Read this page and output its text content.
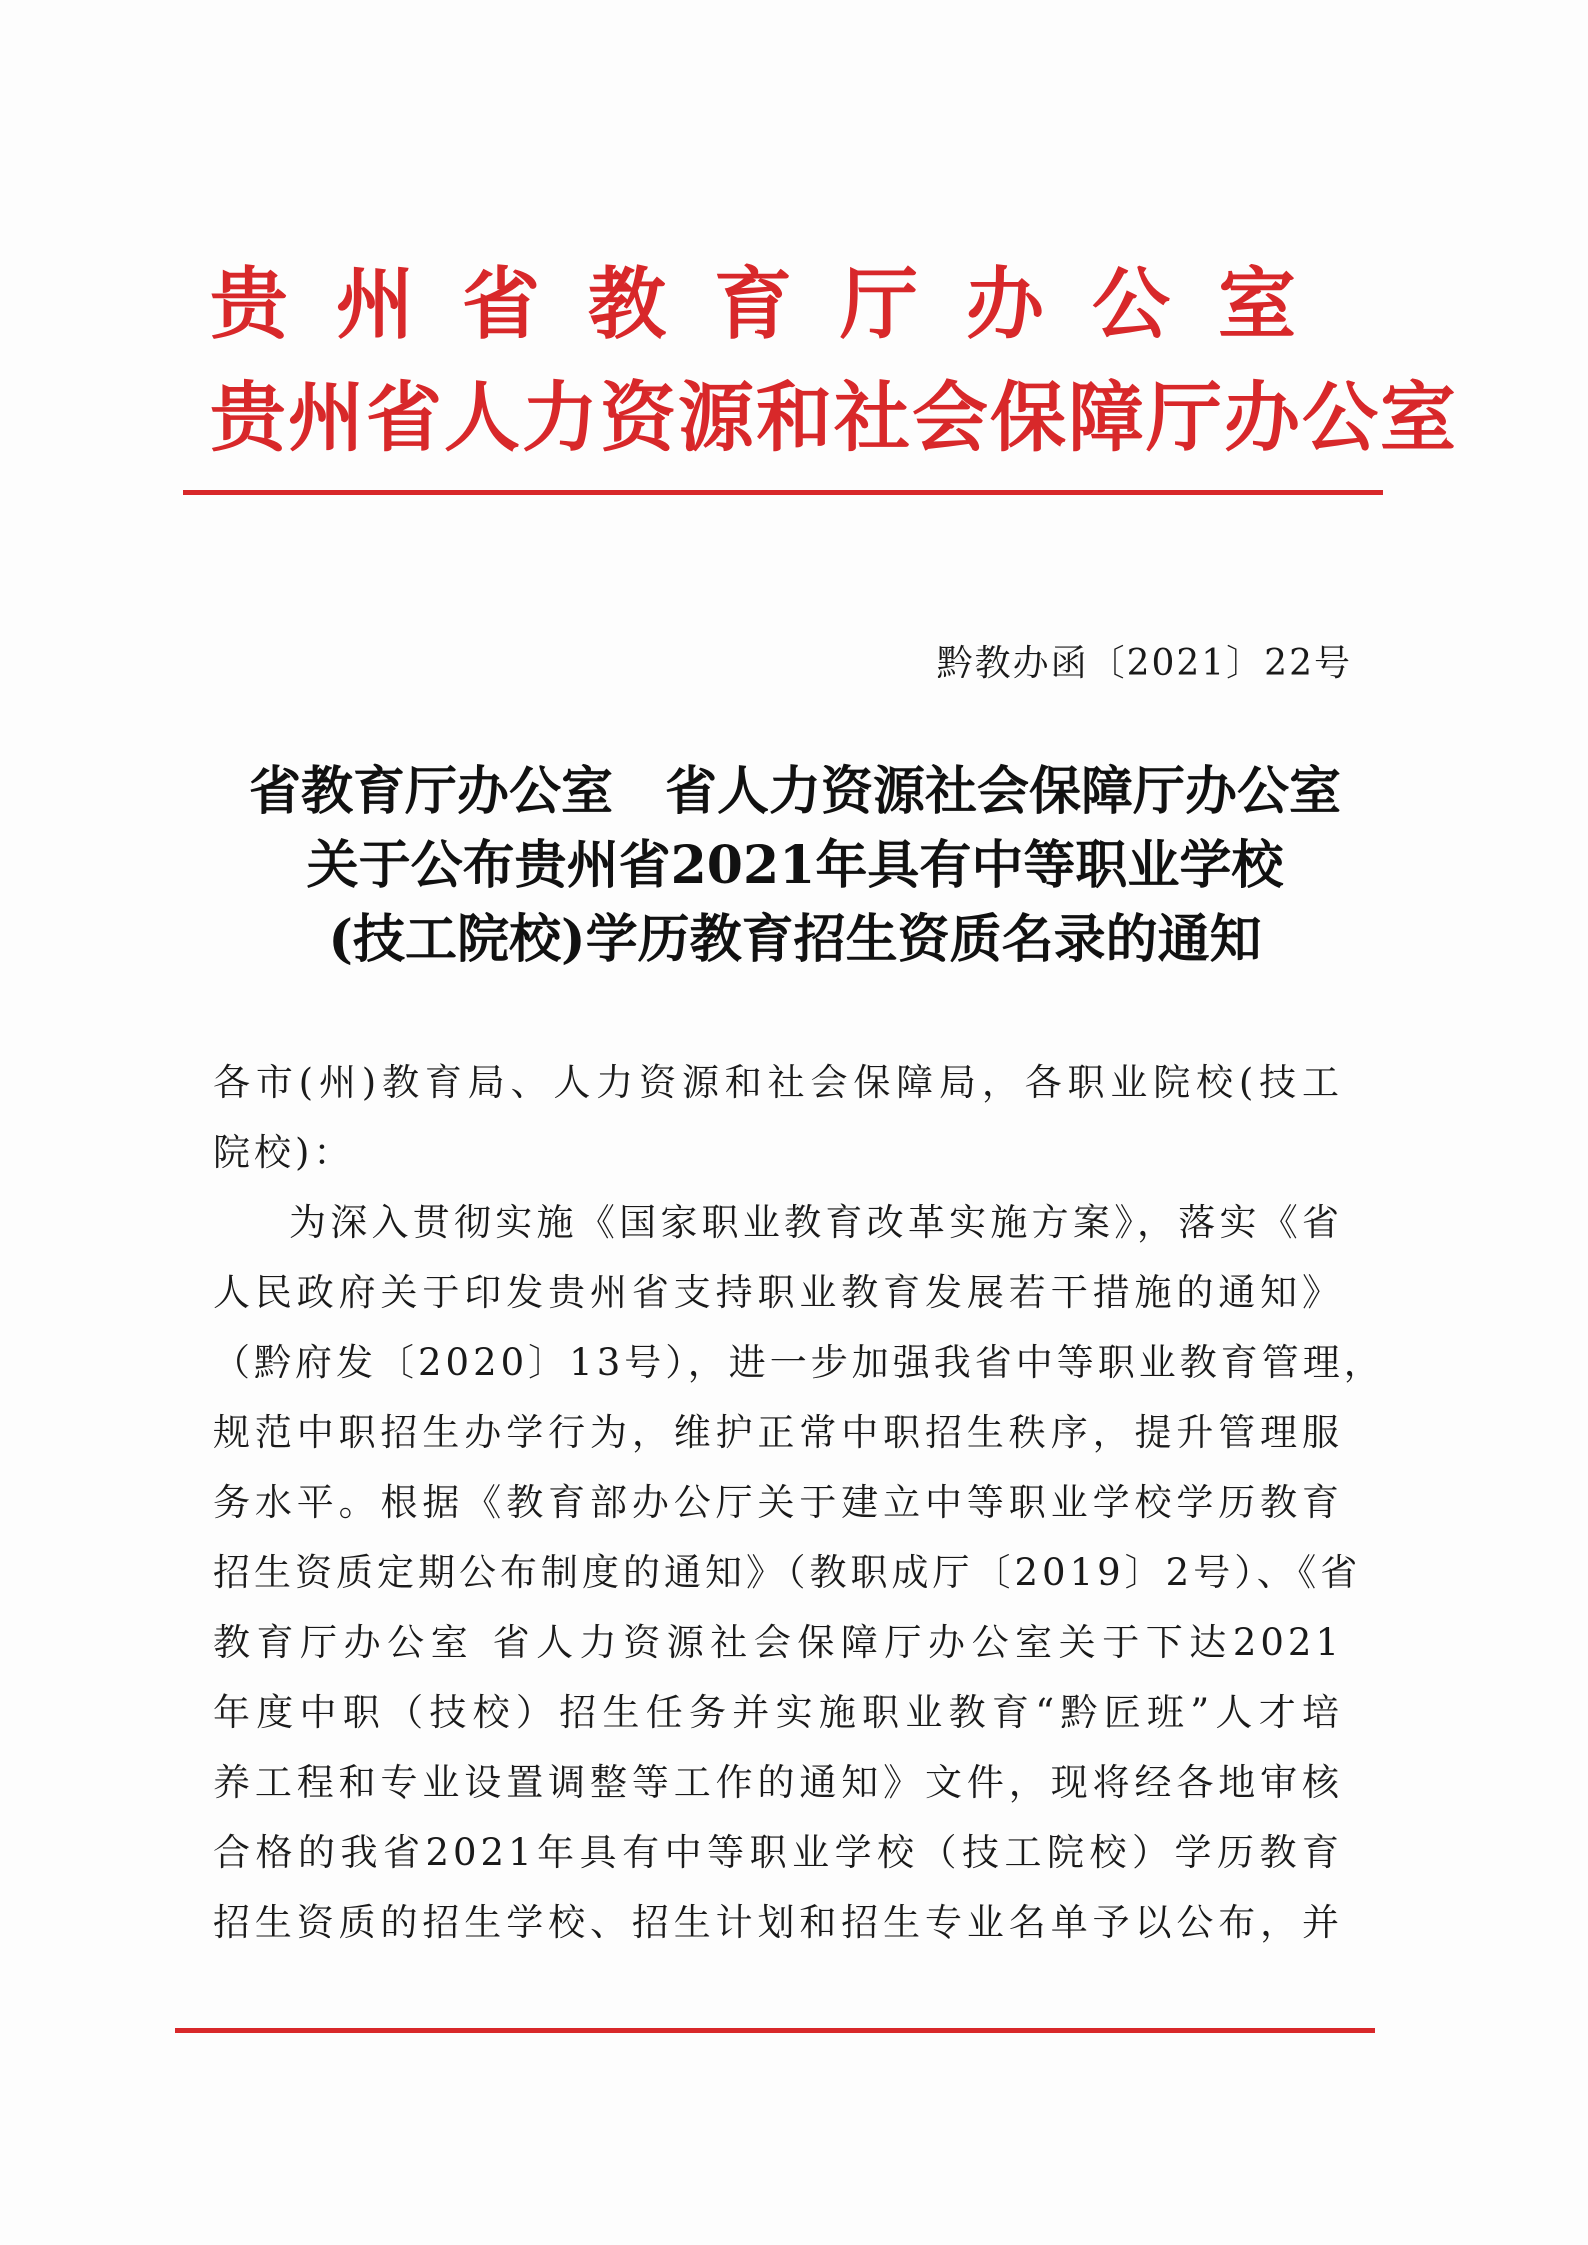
贵州省教育厅办公室
贵州省人力资源和社会保障厅办公室
黔教办函〔2021〕22号
省教育厅办公室　省人力资源社会保障厅办公室
关于公布贵州省2021年具有中等职业学校
(技工院校)学历教育招生资质名录的通知
各市(州)教育局、人力资源和社会保障局，各职业院校(技工
院校)：
为深入贯彻实施《国家职业教育改革实施方案》，落实《省
人民政府关于印发贵州省支持职业教育发展若干措施的通知》
（黔府发〔2020〕13号），进一步加强我省中等职业教育管理，
规范中职招生办学行为，维护正常中职招生秩序，提升管理服
务水平。根据《教育部办公厅关于建立中等职业学校学历教育
招生资质定期公布制度的通知》（教职成厅〔2019〕2号）、《省
教育厅办公室 省人力资源社会保障厅办公室关于下达2021
年度中职（技校）招生任务并实施职业教育“黔匠班”人才培
养工程和专业设置调整等工作的通知》文件，现将经各地审核
合格的我省2021年具有中等职业学校（技工院校）学历教育
招生资质的招生学校、招生计划和招生专业名单予以公布，并
